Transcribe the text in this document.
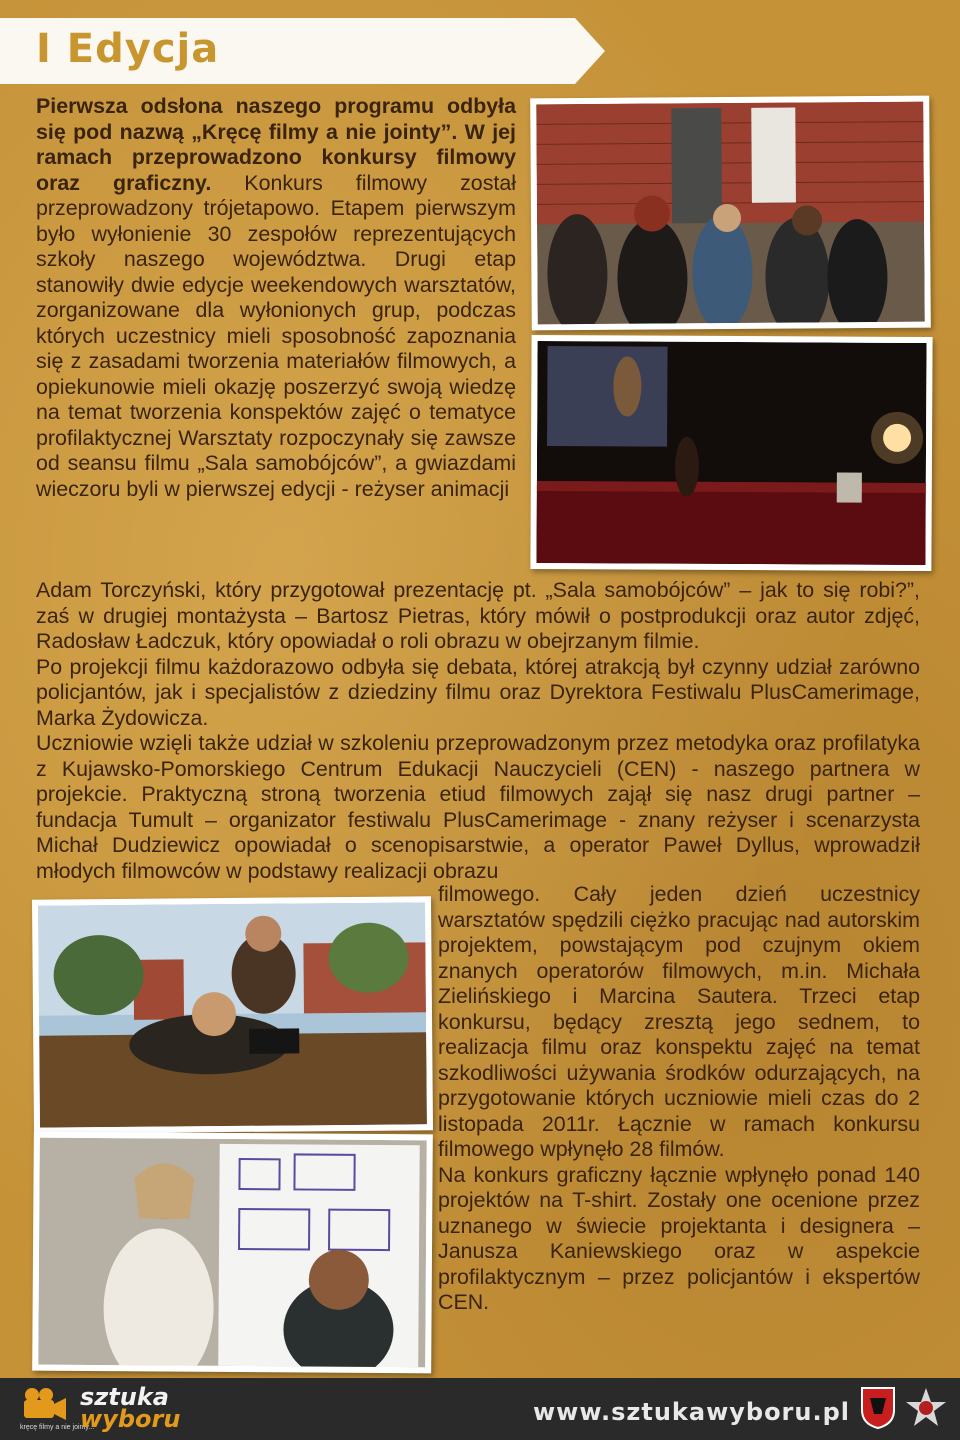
I Edycja
Pierwsza odsłona naszego programu odbyła się pod nazwą „Kręcę filmy a nie jointy”. W jej ramach przeprowadzono konkursy filmowy oraz graficzny. Konkurs filmowy został przeprowadzony trójetapowo. Etapem pierwszym było wyłonienie 30 zespołów reprezentujących szkoły naszego województwa. Drugi etap stanowiły dwie edycje weekendowych warsztatów, zorganizowane dla wyłonionych grup, podczas których uczestnicy mieli sposobność zapoznania się z zasadami tworzenia materiałów filmowych, a opiekunowie mieli okazję poszerzyć swoją wiedzę na temat tworzenia konspektów zajęć o tematyce profilaktycznej Warsztaty rozpoczynały się zawsze od seansu filmu „Sala samobójców”, a gwiazdami wieczoru byli w pierwszej edycji - reżyser animacji
Adam Torczyński, który przygotował prezentację pt. „Sala samobójców” – jak to się robi?”, zaś w drugiej montażysta – Bartosz Pietras, który mówił o postprodukcji oraz autor zdjęć, Radosław Ładczuk, który opowiadał o roli obrazu w obejrzanym filmie.
Po projekcji filmu każdorazowo odbyła się debata, której atrakcją był czynny udział zarówno policjantów, jak i specjalistów z dziedziny filmu oraz Dyrektora Festiwalu PlusCamerimage, Marka Żydowicza.
Uczniowie wzięli także udział w szkoleniu przeprowadzonym przez metodyka oraz profilatyka z Kujawsko-Pomorskiego Centrum Edukacji Nauczycieli (CEN) - naszego partnera w projekcie. Praktyczną stroną tworzenia etiud filmowych zajął się nasz drugi partner – fundacja Tumult – organizator festiwalu PlusCamerimage - znany reżyser i scenarzysta Michał Dudziewicz opowiadał o scenopisarstwie, a operator Paweł Dyllus, wprowadził młodych filmowców w podstawy realizacji obrazu
filmowego. Cały jeden dzień uczestnicy warsztatów spędzili ciężko pracując nad autorskim projektem, powstającym pod czujnym okiem znanych operatorów filmowych, m.in. Michała Zielińskiego i Marcina Sautera. Trzeci etap konkursu, będący zresztą jego sednem, to realizacja filmu oraz konspektu zajęć na temat szkodliwości używania środków odurzających, na przygotowanie których uczniowie mieli czas do 2 listopada 2011r. Łącznie w ramach konkursu filmowego wpłynęło 28 filmów.
Na konkurs graficzny łącznie wpłynęło ponad 140 projektów na T-shirt. Zostały one ocenione przez uznanego w świecie projektanta i designera – Janusza Kaniewskiego oraz w aspekcie profilaktycznym – przez policjantów i ekspertów CEN.
kręcę filmy a nie jointy...
sztuka
wyboru	www.sztukawyboru.pl
